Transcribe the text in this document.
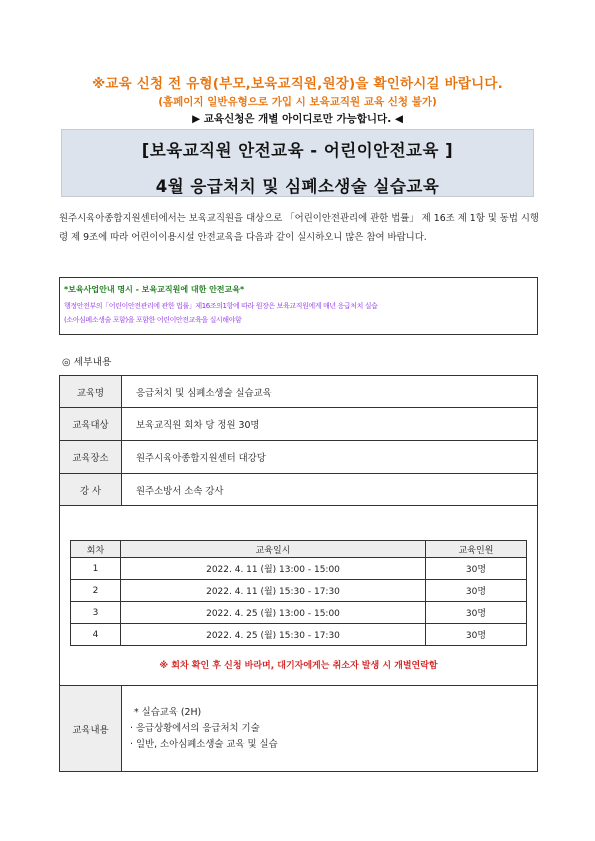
※교육 신청 전 유형(부모,보육교직원,원장)을 확인하시길 바랍니다.
(홈페이지 일반유형으로 가입 시 보육교직원 교육 신청 불가)
▶ 교육신청은 개별 아이디로만 가능합니다. ◀
[보육교직원 안전교육 - 어린이안전교육 ]
4월 응급처치 및 심폐소생술 실습교육
원주시육아종합지원센터에서는 보육교직원을 대상으로 「어린이안전관리에 관한 법률」 제 16조 제 1항 및 동법 시행령 제 9조에 따라 어린이이용시설 안전교육을 다음과 같이 실시하오니 많은 참여 바랍니다.
*보육사업안내 명시 - 보육교직원에 대한 안전교육*
행정안전부의「어린이안전관리에 관한 법률」제16조의1항에 따라 원장은 보육교직원에게 매년 응급처치 실습
(소아심폐소생술 포함)을 포함한 어린이안전교육을 실시해야함
◎ 세부내용
교육명	응급처치 및 심폐소생술 실습교육
교육대상	보육교직원 회차 당 정원 30명
교육장소	원주시육아종합지원센터 대강당
강 사	원주소방서 소속 강사
회차	교육일시	교육인원
1	2022. 4. 11 (월) 13:00 - 15:00	30명
2	2022. 4. 11 (월) 15:30 - 17:30	30명
3	2022. 4. 25 (월) 13:00 - 15:00	30명
4	2022. 4. 25 (월) 15:30 - 17:30	30명
※ 회차 확인 후 신청 바라며, 대기자에게는 취소자 발생 시 개별연락함
교육내용
* 실습교육 (2H)
· 응급상황에서의 응급처치 기술
· 일반, 소아심폐소생술 교육 및 실습
